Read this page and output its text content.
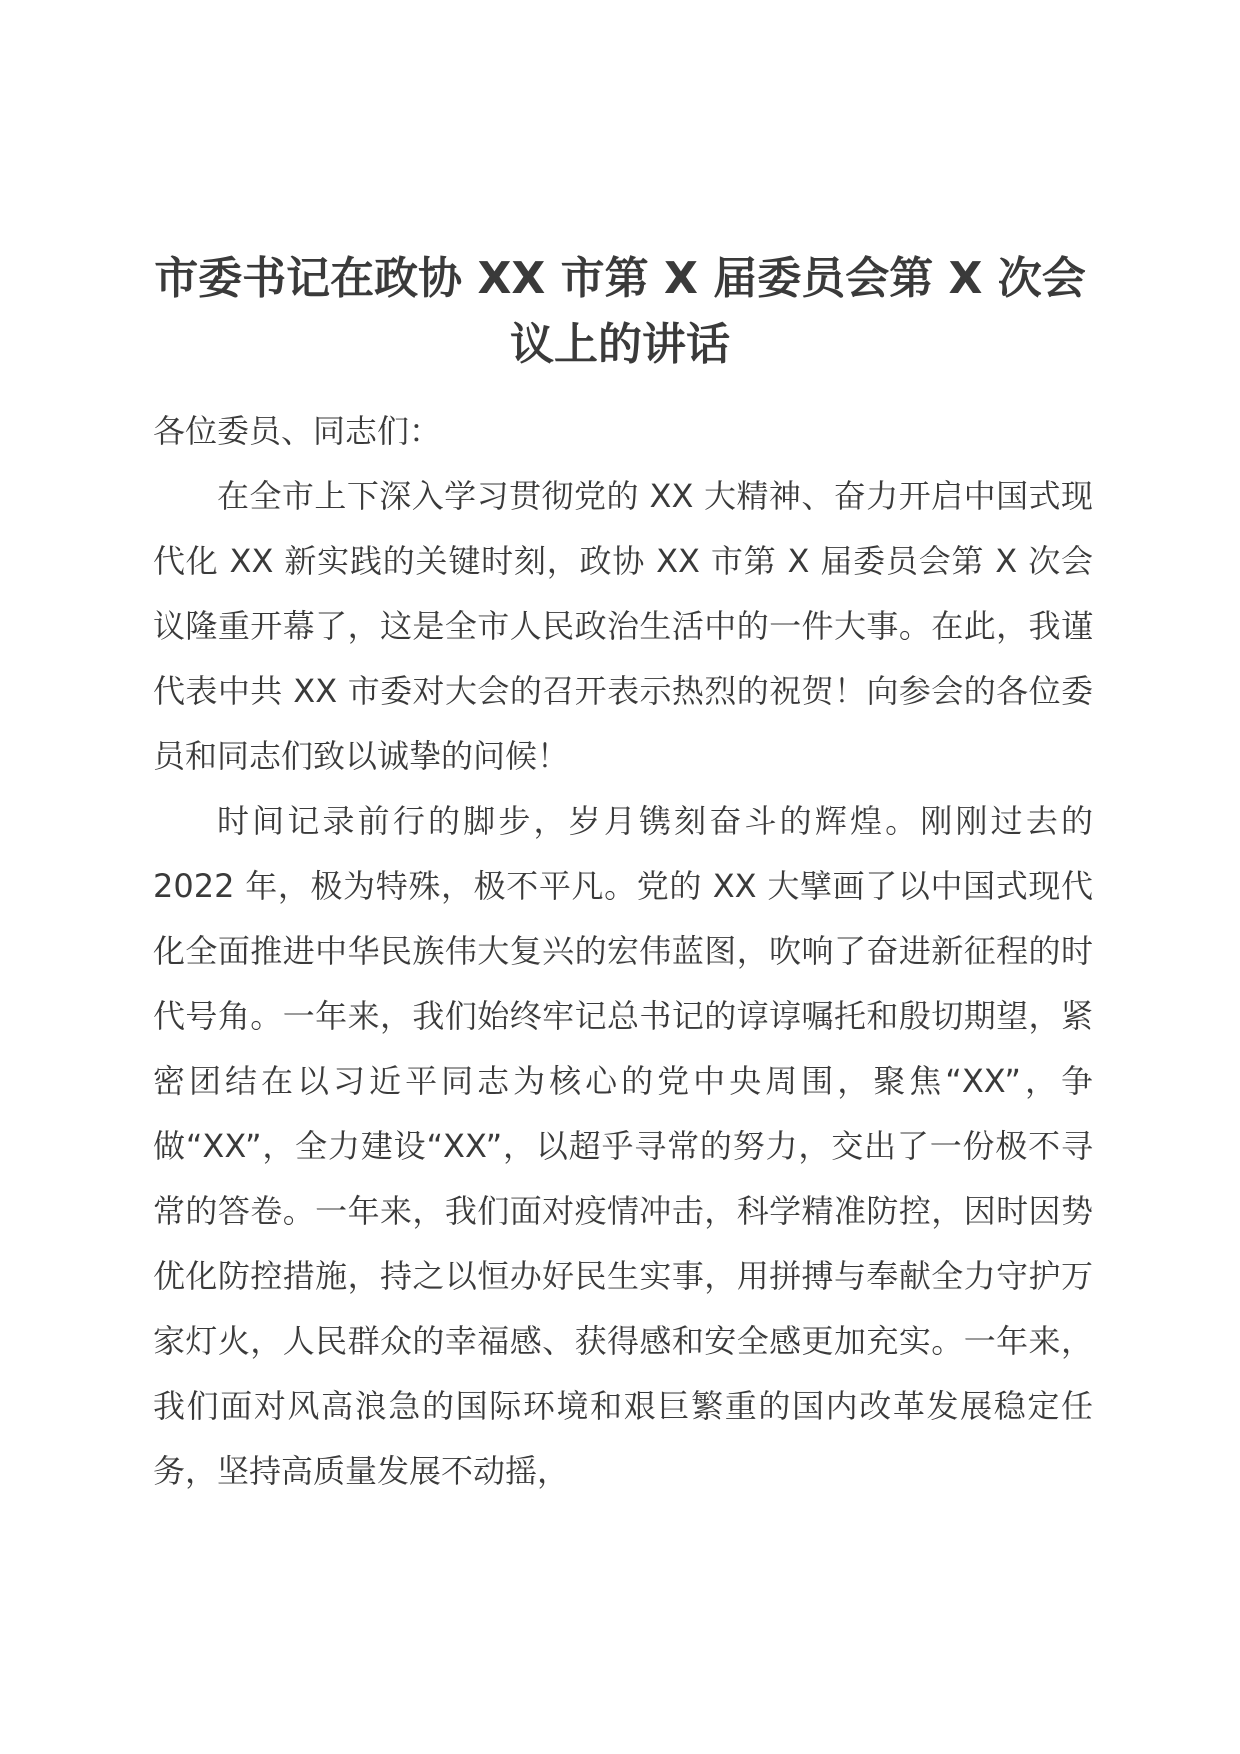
市委书记在政协 XX 市第 X 届委员会第 X 次会议上的讲话

各位委员、同志们：

在全市上下深入学习贯彻党的 XX 大精神、奋力开启中国式现代化 XX 新实践的关键时刻，政协 XX 市第 X 届委员会第 X 次会议隆重开幕了，这是全市人民政治生活中的一件大事。在此，我谨代表中共 XX 市委对大会的召开表示热烈的祝贺！向参会的各位委员和同志们致以诚挚的问候！

时间记录前行的脚步，岁月镌刻奋斗的辉煌。刚刚过去的 2022 年，极为特殊，极不平凡。党的 XX 大擘画了以中国式现代化全面推进中华民族伟大复兴的宏伟蓝图，吹响了奋进新征程的时代号角。一年来，我们始终牢记总书记的谆谆嘱托和殷切期望，紧密团结在以习近平同志为核心的党中央周围，聚焦“XX”，争做“XX”，全力建设“XX”，以超乎寻常的努力，交出了一份极不寻常的答卷。一年来，我们面对疫情冲击，科学精准防控，因时因势优化防控措施，持之以恒办好民生实事，用拼搏与奉献全力守护万家灯火，人民群众的幸福感、获得感和安全感更加充实。一年来，我们面对风高浪急的国际环境和艰巨繁重的国内改革发展稳定任务，坚持高质量发展不动摇，
